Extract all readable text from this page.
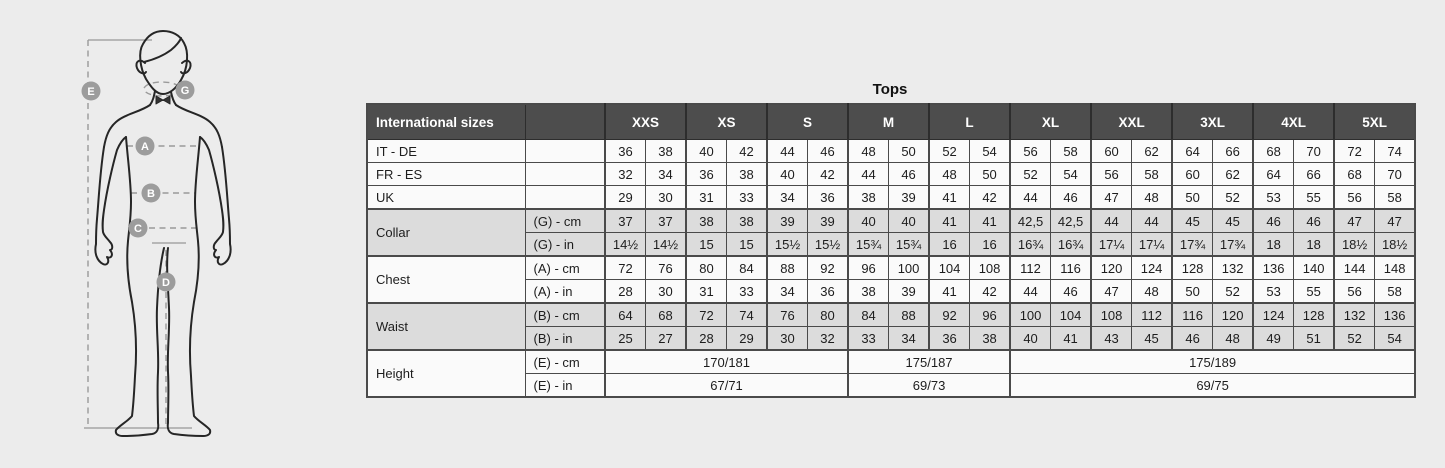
E	G
A
B
C
D
Tops
International sizes		XXS		XS		S		M		L		XL		XXL		3XL		4XL		5XL	
IT - DE		36	38	40	42	44	46	48	50	52	54	56	58	60	62	64	66	68	70	72	74
FR - ES		32	34	36	38	40	42	44	46	48	50	52	54	56	58	60	62	64	66	68	70
UK		29	30	31	33	34	36	38	39	41	42	44	46	47	48	50	52	53	55	56	58
Collar	(G) - cm	37	37	38	38	39	39	40	40	41	41	42,5	42,5	44	44	45	45	46	46	47	47
	(G) - in	14½	14½	15	15	15½	15½	15¾	15¾	16	16	16¾	16¾	17¼	17¼	17¾	17¾	18	18	18½	18½
Chest	(A) - cm	72	76	80	84	88	92	96	100	104	108	112	116	120	124	128	132	136	140	144	148
	(A) - in	28	30	31	33	34	36	38	39	41	42	44	46	47	48	50	52	53	55	56	58
Waist	(B) - cm	64	68	72	74	76	80	84	88	92	96	100	104	108	112	116	120	124	128	132	136
	(B) - in	25	27	28	29	30	32	33	34	36	38	40	41	43	45	46	48	49	51	52	54
Height	(E) - cm	170/181						175/187				175/189									
	(E) - in	67/71						69/73				69/75									
